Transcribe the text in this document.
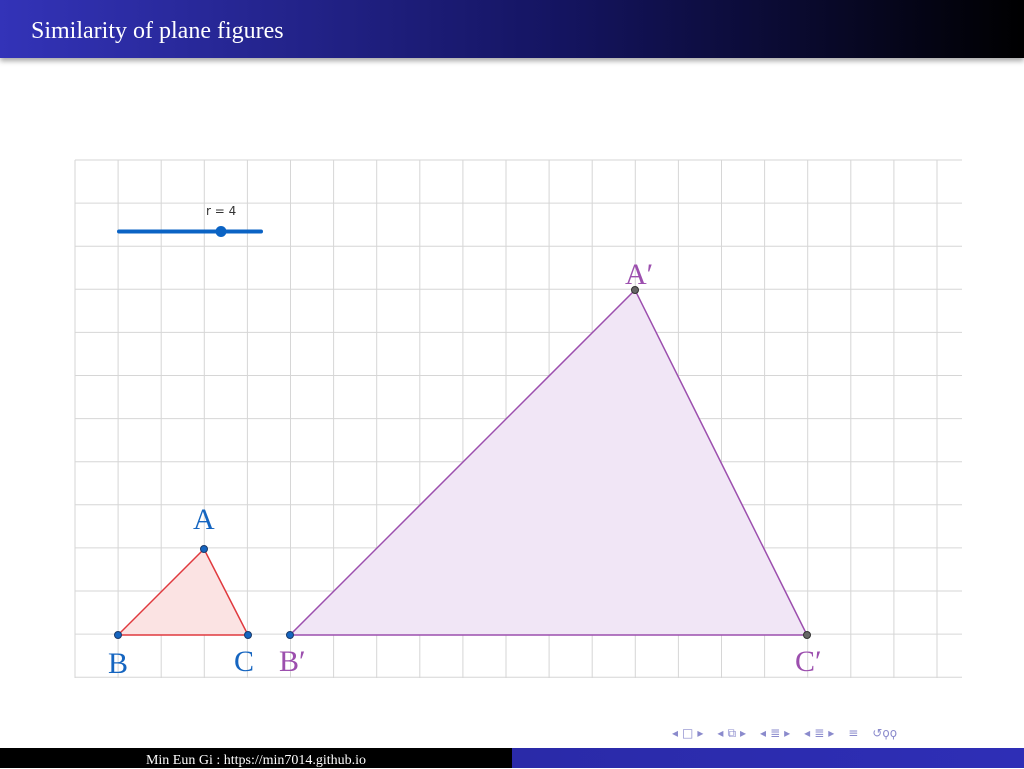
Similarity of plane figures
r = 4
A
B	C B′
A′
C′
◂ □ ▸ ◂ ⧉ ▸ ◂ ≣ ▸ ◂ ≣ ▸ ≡ ↺ϙϙ
Min Eun Gi : https://min7014.github.io
